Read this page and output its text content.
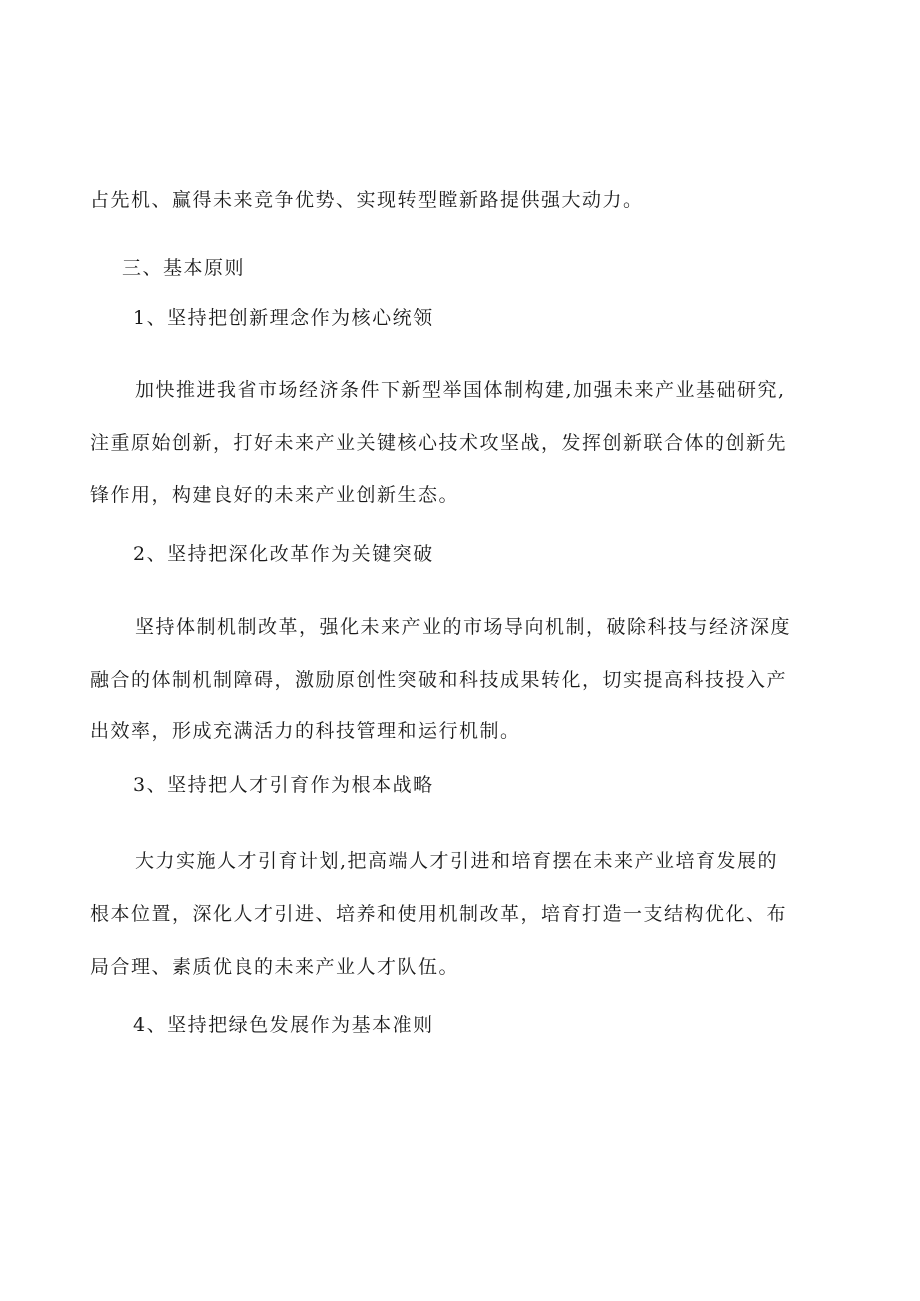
占先机、赢得未来竞争优势、实现转型瞠新路提供强大动力。

三、基本原则

1、坚持把创新理念作为核心统领

加快推进我省市场经济条件下新型举国体制构建,加强未来产业基础研究,

注重原始创新，打好未来产业关键核心技术攻坚战，发挥创新联合体的创新先

锋作用，构建良好的未来产业创新生态。

2、坚持把深化改革作为关键突破

坚持体制机制改革，强化未来产业的市场导向机制，破除科技与经济深度

融合的体制机制障碍，激励原创性突破和科技成果转化，切实提高科技投入产

出效率，形成充满活力的科技管理和运行机制。

3、坚持把人才引育作为根本战略

大力实施人才引育计划,把高端人才引进和培育摆在未来产业培育发展的

根本位置，深化人才引进、培养和使用机制改革，培育打造一支结构优化、布

局合理、素质优良的未来产业人才队伍。

4、坚持把绿色发展作为基本准则
